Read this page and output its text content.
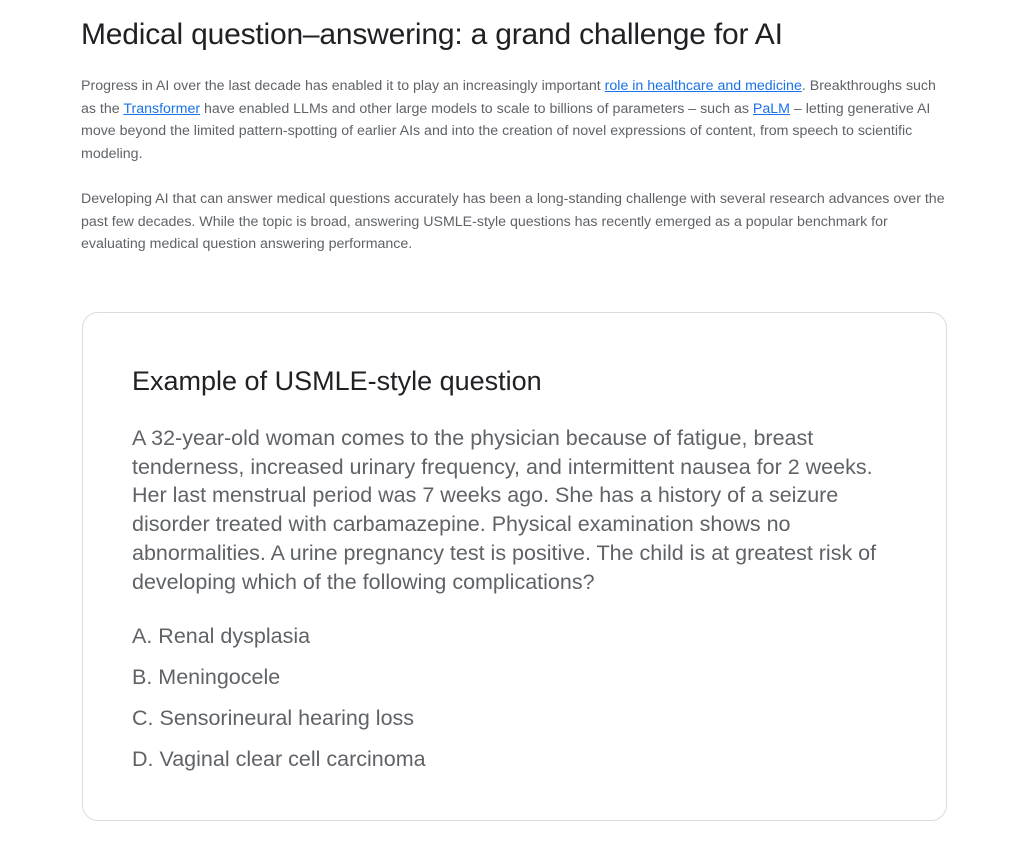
Medical question–answering: a grand challenge for AI

Progress in AI over the last decade has enabled it to play an increasingly important role in healthcare and medicine. Breakthroughs such as the Transformer have enabled LLMs and other large models to scale to billions of parameters – such as PaLM – letting generative AI move beyond the limited pattern-spotting of earlier AIs and into the creation of novel expressions of content, from speech to scientific modeling.

Developing AI that can answer medical questions accurately has been a long-standing challenge with several research advances over the past few decades. While the topic is broad, answering USMLE-style questions has recently emerged as a popular benchmark for evaluating medical question answering performance.

Example of USMLE-style question

A 32-year-old woman comes to the physician because of fatigue, breast tenderness, increased urinary frequency, and intermittent nausea for 2 weeks. Her last menstrual period was 7 weeks ago. She has a history of a seizure disorder treated with carbamazepine. Physical examination shows no abnormalities. A urine pregnancy test is positive. The child is at greatest risk of developing which of the following complications?

A. Renal dysplasia
B. Meningocele
C. Sensorineural hearing loss
D. Vaginal clear cell carcinoma
